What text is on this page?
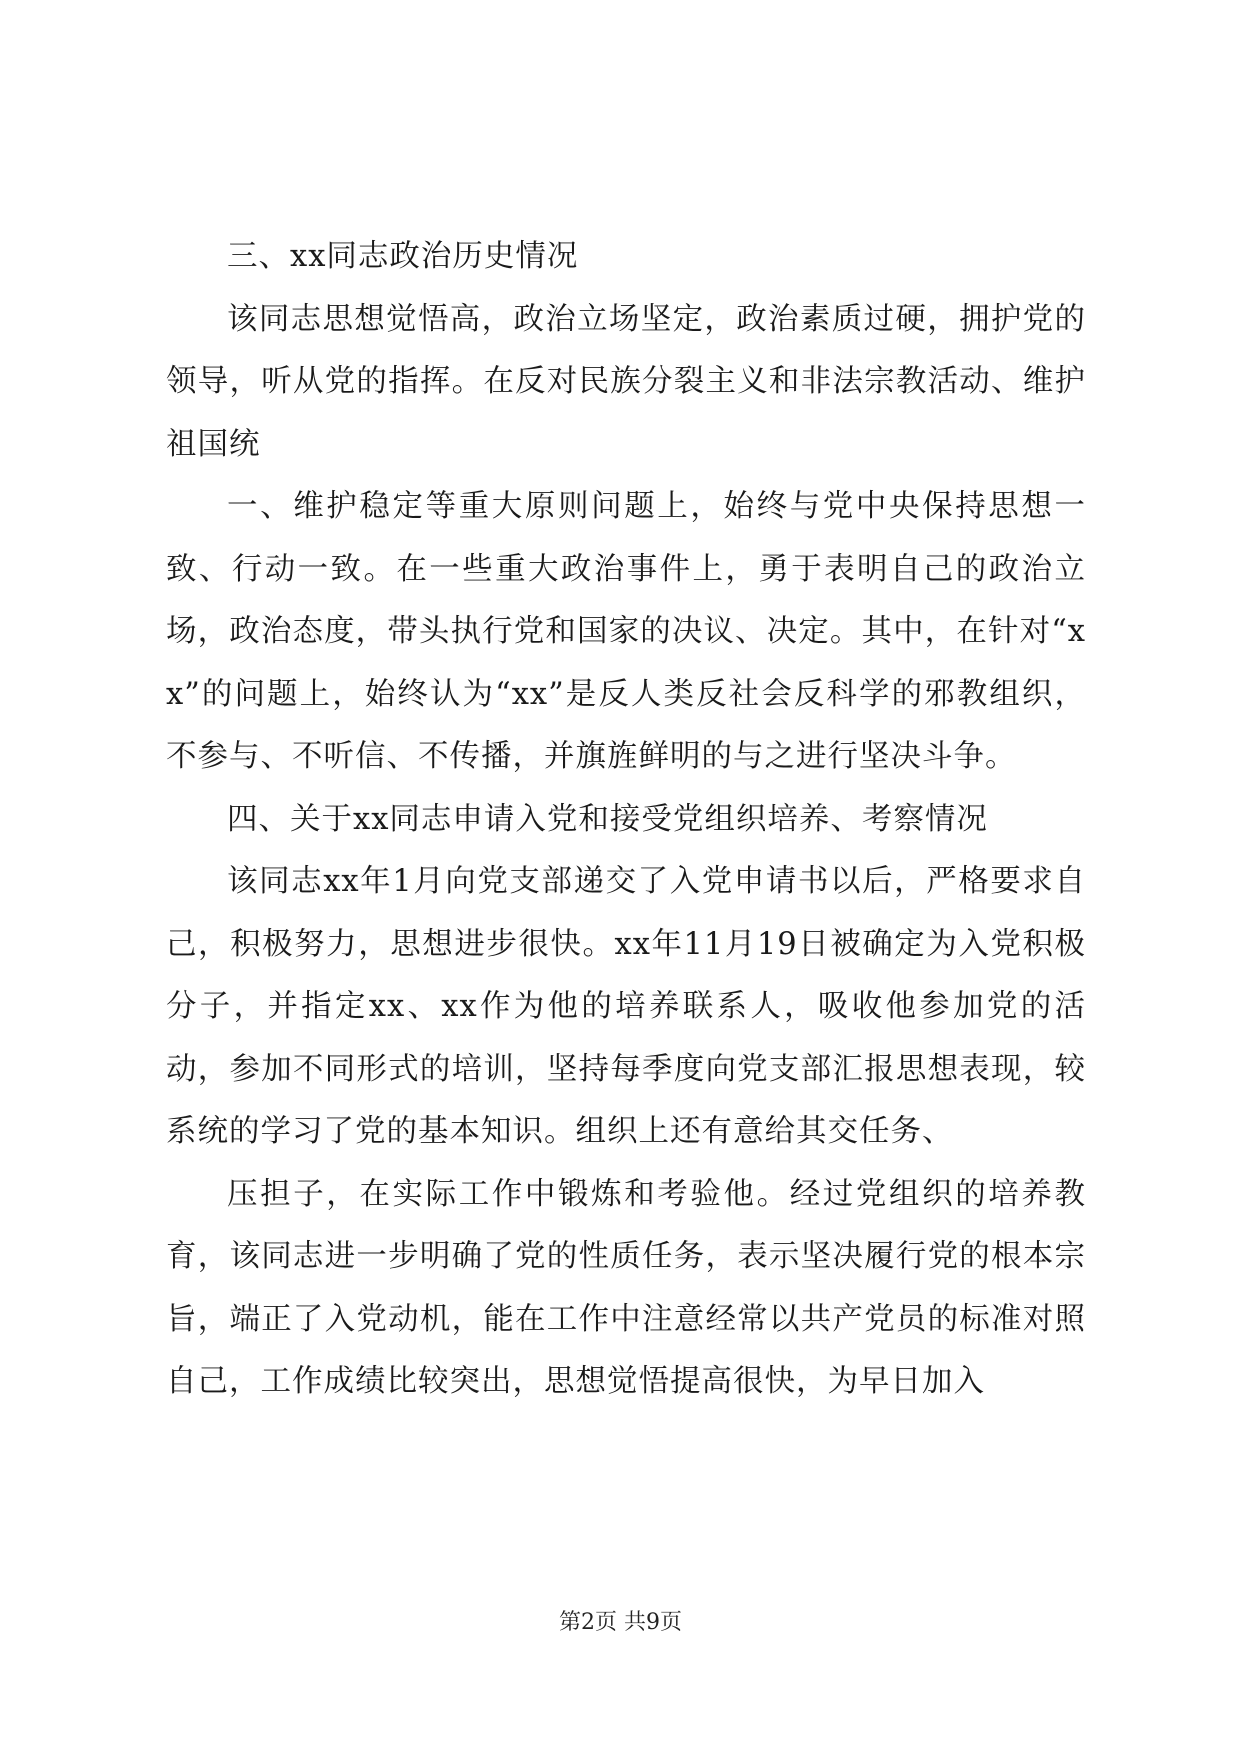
三、xx同志政治历史情况

该同志思想觉悟高，政治立场坚定，政治素质过硬，拥护党的领导，听从党的指挥。在反对民族分裂主义和非法宗教活动、维护祖国统

一、维护稳定等重大原则问题上，始终与党中央保持思想一致、行动一致。在一些重大政治事件上，勇于表明自己的政治立场，政治态度，带头执行党和国家的决议、决定。其中，在针对“xx”的问题上，始终认为“xx”是反人类反社会反科学的邪教组织，不参与、不听信、不传播，并旗旌鲜明的与之进行坚决斗争。

四、关于xx同志申请入党和接受党组织培养、考察情况

该同志xx年1月向党支部递交了入党申请书以后，严格要求自己，积极努力，思想进步很快。xx年11月19日被确定为入党积极分子，并指定xx、xx作为他的培养联系人，吸收他参加党的活动，参加不同形式的培训，坚持每季度向党支部汇报思想表现，较系统的学习了党的基本知识。组织上还有意给其交任务、

压担子，在实际工作中锻炼和考验他。经过党组织的培养教育，该同志进一步明确了党的性质任务，表示坚决履行党的根本宗旨，端正了入党动机，能在工作中注意经常以共产党员的标准对照自己，工作成绩比较突出，思想觉悟提高很快，为早日加入

第2页 共9页
